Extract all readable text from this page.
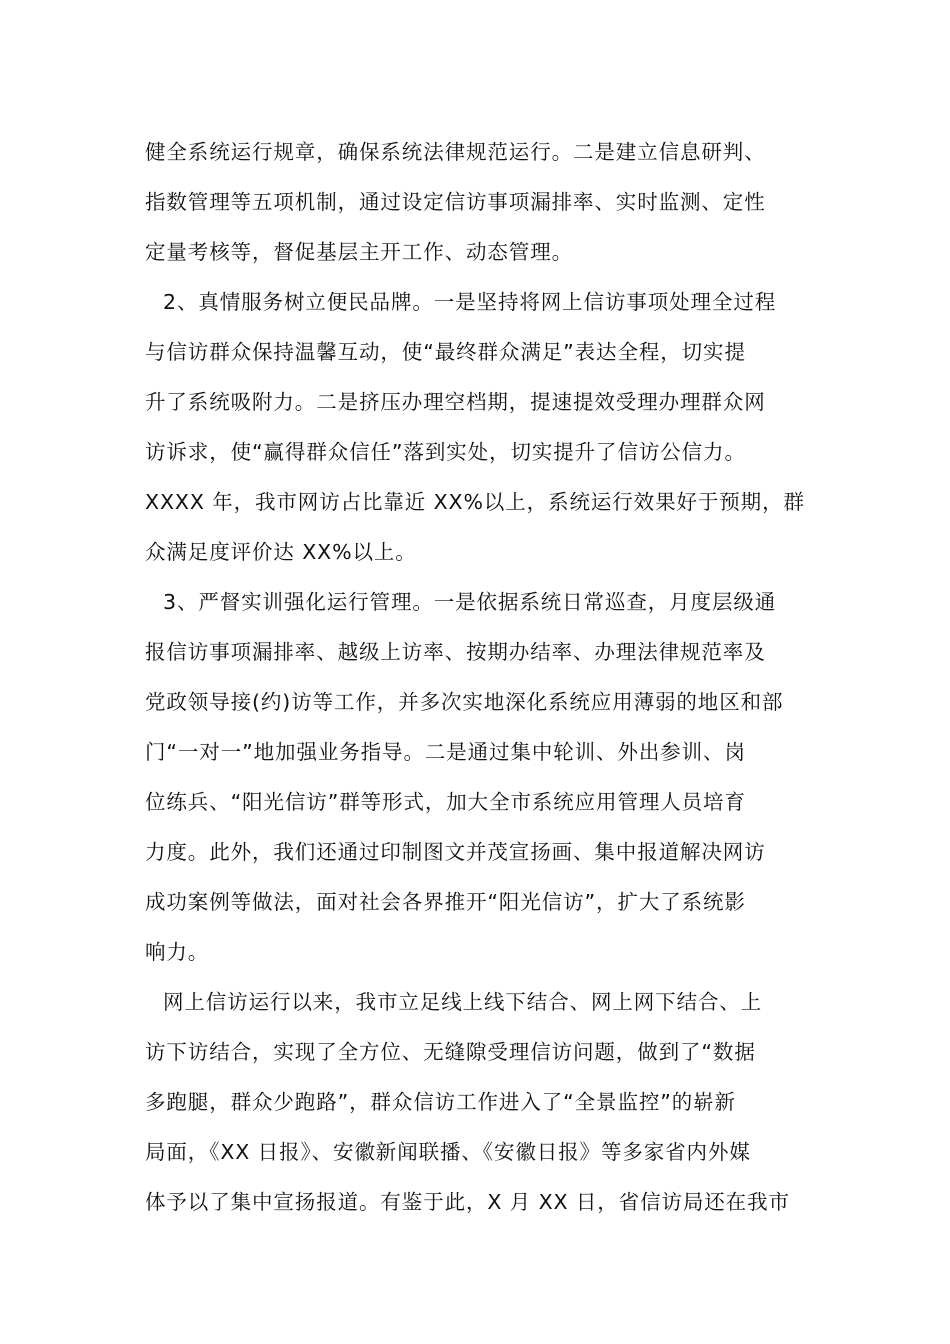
健全系统运行规章，确保系统法律规范运行。二是建立信息研判、
指数管理等五项机制，通过设定信访事项漏排率、实时监测、定性
定量考核等，督促基层主开工作、动态管理。
2、真情服务树立便民品牌。一是坚持将网上信访事项处理全过程
与信访群众保持温馨互动，使“最终群众满足”表达全程，切实提
升了系统吸附力。二是挤压办理空档期，提速提效受理办理群众网
访诉求，使“赢得群众信任”落到实处，切实提升了信访公信力。
XXXX 年，我市网访占比靠近 XX%以上，系统运行效果好于预期，群
众满足度评价达 XX%以上。
3、严督实训强化运行管理。一是依据系统日常巡查，月度层级通
报信访事项漏排率、越级上访率、按期办结率、办理法律规范率及
党政领导接(约)访等工作，并多次实地深化系统应用薄弱的地区和部
门“一对一”地加强业务指导。二是通过集中轮训、外出参训、岗
位练兵、“阳光信访”群等形式，加大全市系统应用管理人员培育
力度。此外，我们还通过印制图文并茂宣扬画、集中报道解决网访
成功案例等做法，面对社会各界推开“阳光信访”，扩大了系统影
响力。
网上信访运行以来，我市立足线上线下结合、网上网下结合、上
访下访结合，实现了全方位、无缝隙受理信访问题，做到了“数据
多跑腿，群众少跑路”，群众信访工作进入了“全景监控”的崭新
局面，《XX 日报》、安徽新闻联播、《安徽日报》等多家省内外媒
体予以了集中宣扬报道。有鉴于此，X 月 XX 日，省信访局还在我市
